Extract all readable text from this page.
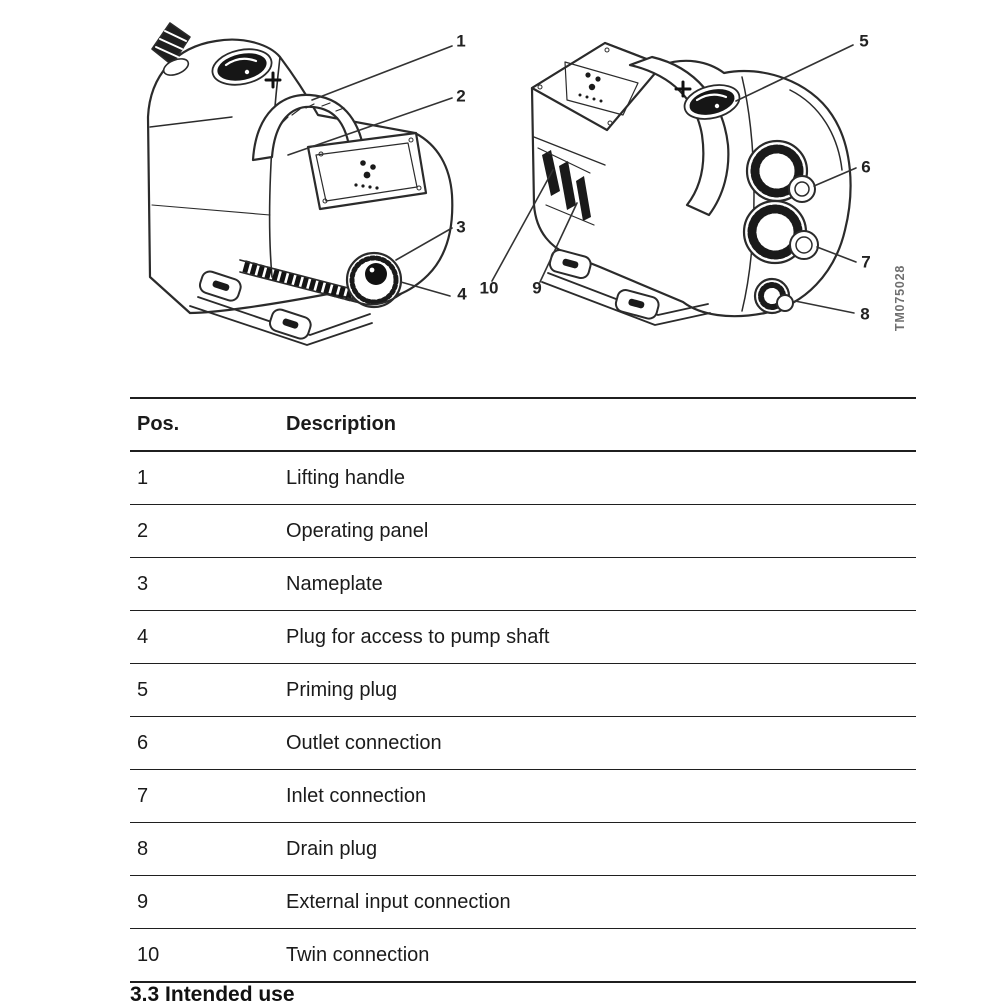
1
2
3
4
5
6
7
8
9
10	TM075028
Pos.	Description
1	Lifting handle
2	Operating panel
3	Nameplate
4	Plug for access to pump shaft
5	Priming plug
6	Outlet connection
7	Inlet connection
8	Drain plug
9	External input connection
10	Twin connection
3.3 Intended use
